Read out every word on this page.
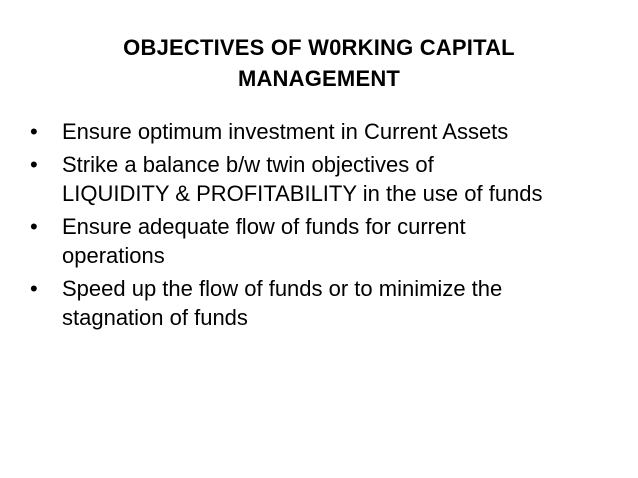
OBJECTIVES OF W0RKING CAPITAL
MANAGEMENT
•	Ensure optimum investment in Current Assets
•	Strike a balance b/w twin objectives of
LIQUIDITY & PROFITABILITY in the use of funds
•	Ensure adequate flow of funds for current
operations
•	Speed up the flow of funds or to minimize the
stagnation of funds
